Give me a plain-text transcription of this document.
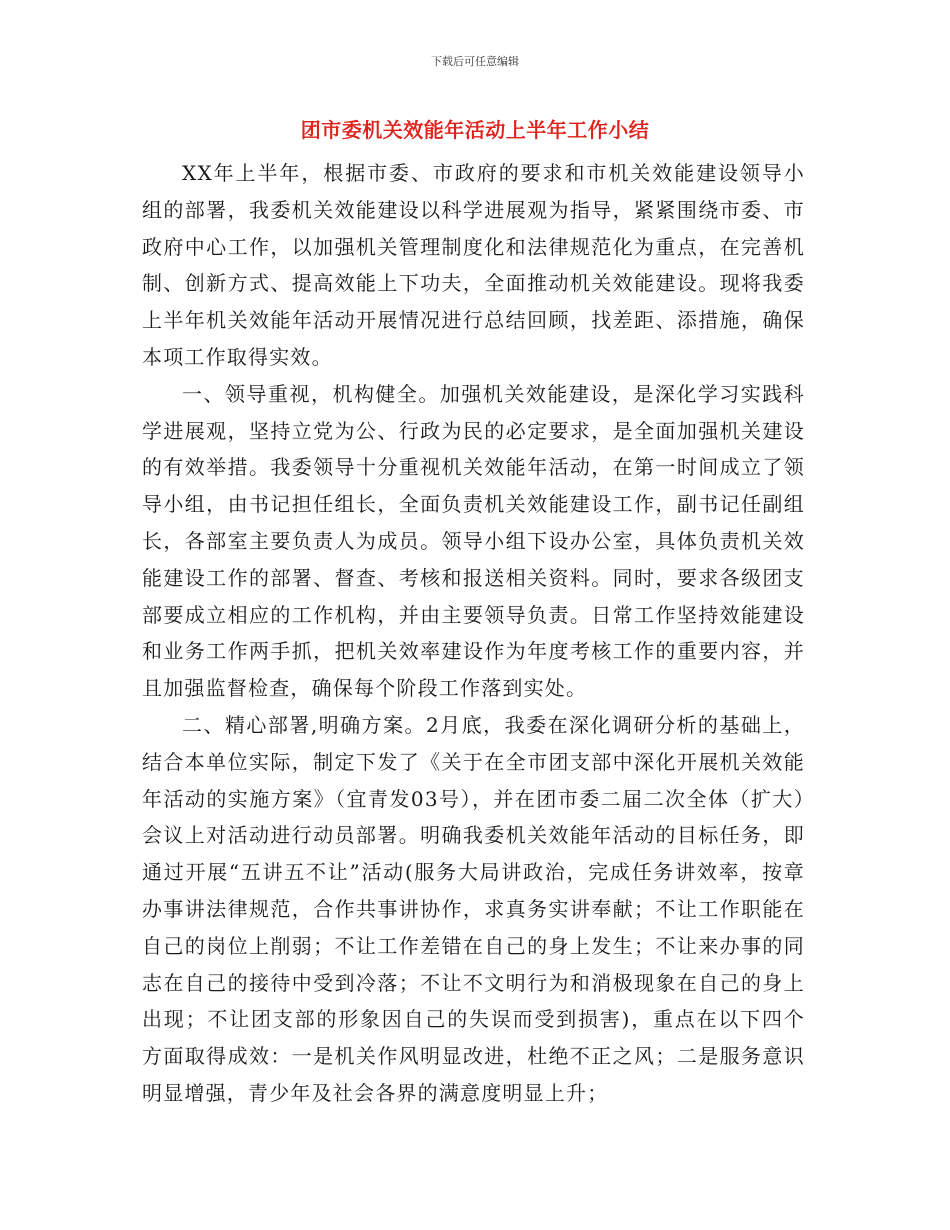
下载后可任意编辑
团市委机关效能年活动上半年工作小结

XX年上半年，根据市委、市政府的要求和市机关效能建设领导小组的部署，我委机关效能建设以科学进展观为指导，紧紧围绕市委、市政府中心工作，以加强机关管理制度化和法律规范化为重点，在完善机制、创新方式、提高效能上下功夫，全面推动机关效能建设。现将我委上半年机关效能年活动开展情况进行总结回顾，找差距、添措施，确保本项工作取得实效。

一、领导重视，机构健全。加强机关效能建设，是深化学习实践科学进展观，坚持立党为公、行政为民的必定要求，是全面加强机关建设的有效举措。我委领导十分重视机关效能年活动，在第一时间成立了领导小组，由书记担任组长，全面负责机关效能建设工作，副书记任副组长，各部室主要负责人为成员。领导小组下设办公室，具体负责机关效能建设工作的部署、督查、考核和报送相关资料。同时，要求各级团支部要成立相应的工作机构，并由主要领导负责。日常工作坚持效能建设和业务工作两手抓，把机关效率建设作为年度考核工作的重要内容，并且加强监督检查，确保每个阶段工作落到实处。

二、精心部署,明确方案。2月底，我委在深化调研分析的基础上，结合本单位实际，制定下发了《关于在全市团支部中深化开展机关效能年活动的实施方案》（宜青发03号），并在团市委二届二次全体（扩大）会议上对活动进行动员部署。明确我委机关效能年活动的目标任务，即通过开展“五讲五不让”活动(服务大局讲政治，完成任务讲效率，按章办事讲法律规范，合作共事讲协作，求真务实讲奉献；不让工作职能在自己的岗位上削弱；不让工作差错在自己的身上发生；不让来办事的同志在自己的接待中受到冷落；不让不文明行为和消极现象在自己的身上出现；不让团支部的形象因自己的失误而受到损害)，重点在以下四个方面取得成效：一是机关作风明显改进，杜绝不正之风；二是服务意识明显增强，青少年及社会各界的满意度明显上升；
